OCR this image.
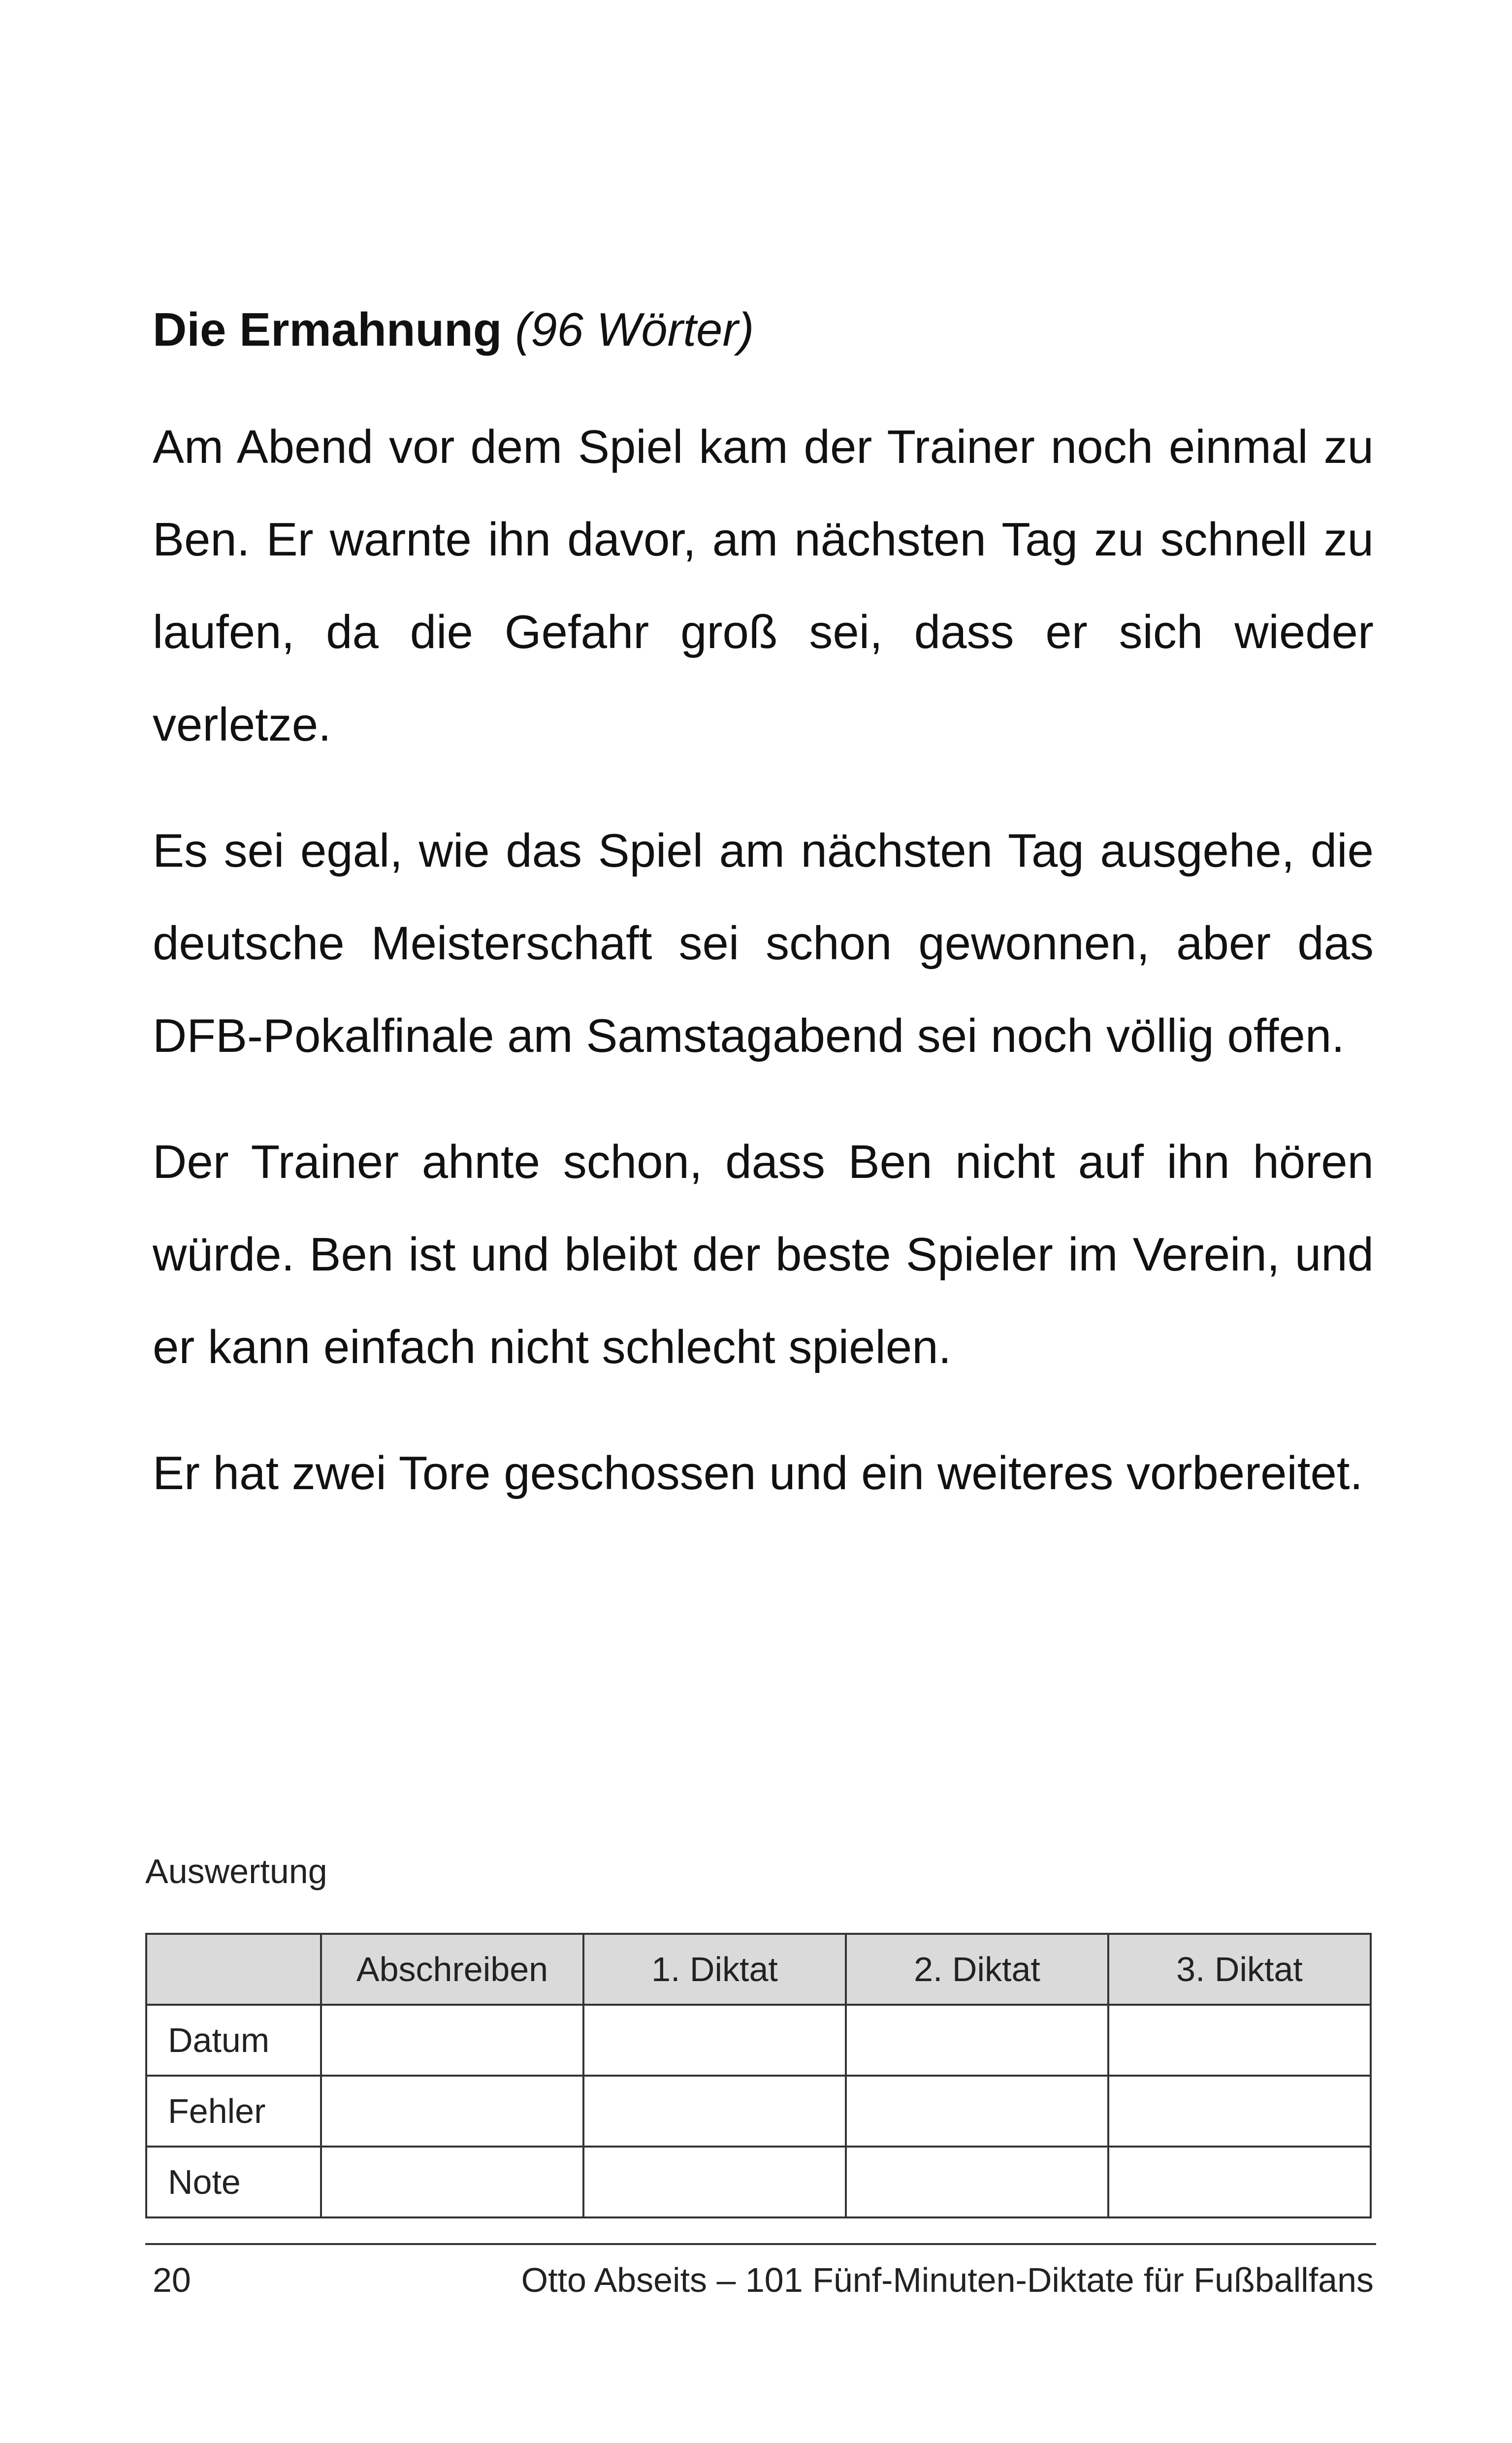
Die Ermahnung (96 Wörter)

Am Abend vor dem Spiel kam der Trainer noch einmal zu Ben. Er warnte ihn davor, am nächsten Tag zu schnell zu laufen, da die Gefahr groß sei, dass er sich wieder verletze.

Es sei egal, wie das Spiel am nächsten Tag ausgehe, die deutsche Meisterschaft sei schon gewonnen, aber das DFB-Pokalfinale am Samstagabend sei noch völlig offen.

Der Trainer ahnte schon, dass Ben nicht auf ihn hören würde. Ben ist und bleibt der beste Spieler im Verein, und er kann einfach nicht schlecht spielen.

Er hat zwei Tore geschossen und ein weiteres vorbereitet.

Auswertung
	Abschreiben	1. Diktat	2. Diktat	3. Diktat
Datum				
Fehler				
Note				
20	Otto Abseits – 101 Fünf-Minuten-Diktate für Fußballfans
